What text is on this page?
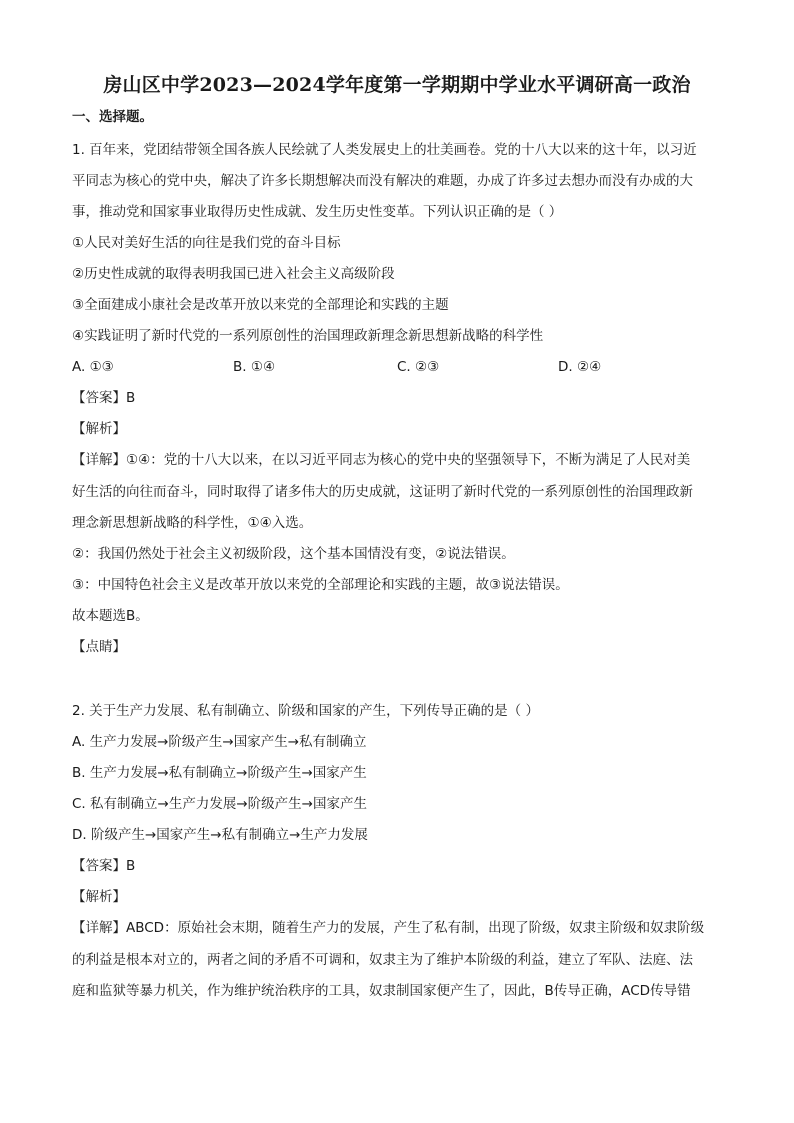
房山区中学2023—2024学年度第一学期期中学业水平调研高一政治
一、选择题。
1. 百年来，党团结带领全国各族人民绘就了人类发展史上的壮美画卷。党的十八大以来的这十年，以习近
平同志为核心的党中央，解决了许多长期想解决而没有解决的难题，办成了许多过去想办而没有办成的大
事，推动党和国家事业取得历史性成就、发生历史性变革。下列认识正确的是（ ）
①人民对美好生活的向往是我们党的奋斗目标
②历史性成就的取得表明我国已进入社会主义高级阶段
③全面建成小康社会是改革开放以来党的全部理论和实践的主题
④实践证明了新时代党的一系列原创性的治国理政新理念新思想新战略的科学性
A. ①③	B. ①④	C. ②③	D. ②④
【答案】B
【解析】
【详解】①④：党的十八大以来，在以习近平同志为核心的党中央的坚强领导下，不断为满足了人民对美
好生活的向往而奋斗，同时取得了诸多伟大的历史成就，这证明了新时代党的一系列原创性的治国理政新
理念新思想新战略的科学性，①④入选。
②：我国仍然处于社会主义初级阶段，这个基本国情没有变，②说法错误。
③：中国特色社会主义是改革开放以来党的全部理论和实践的主题，故③说法错误。
故本题选B。
【点睛】
2. 关于生产力发展、私有制确立、阶级和国家的产生，下列传导正确的是（ ）
A. 生产力发展→阶级产生→国家产生→私有制确立
B. 生产力发展→私有制确立→阶级产生→国家产生
C. 私有制确立→生产力发展→阶级产生→国家产生
D. 阶级产生→国家产生→私有制确立→生产力发展
【答案】B
【解析】
【详解】ABCD：原始社会末期，随着生产力的发展，产生了私有制，出现了阶级，奴隶主阶级和奴隶阶级
的利益是根本对立的，两者之间的矛盾不可调和，奴隶主为了维护本阶级的利益，建立了军队、法庭、法
庭和监狱等暴力机关，作为维护统治秩序的工具，奴隶制国家便产生了，因此，B传导正确，ACD传导错
